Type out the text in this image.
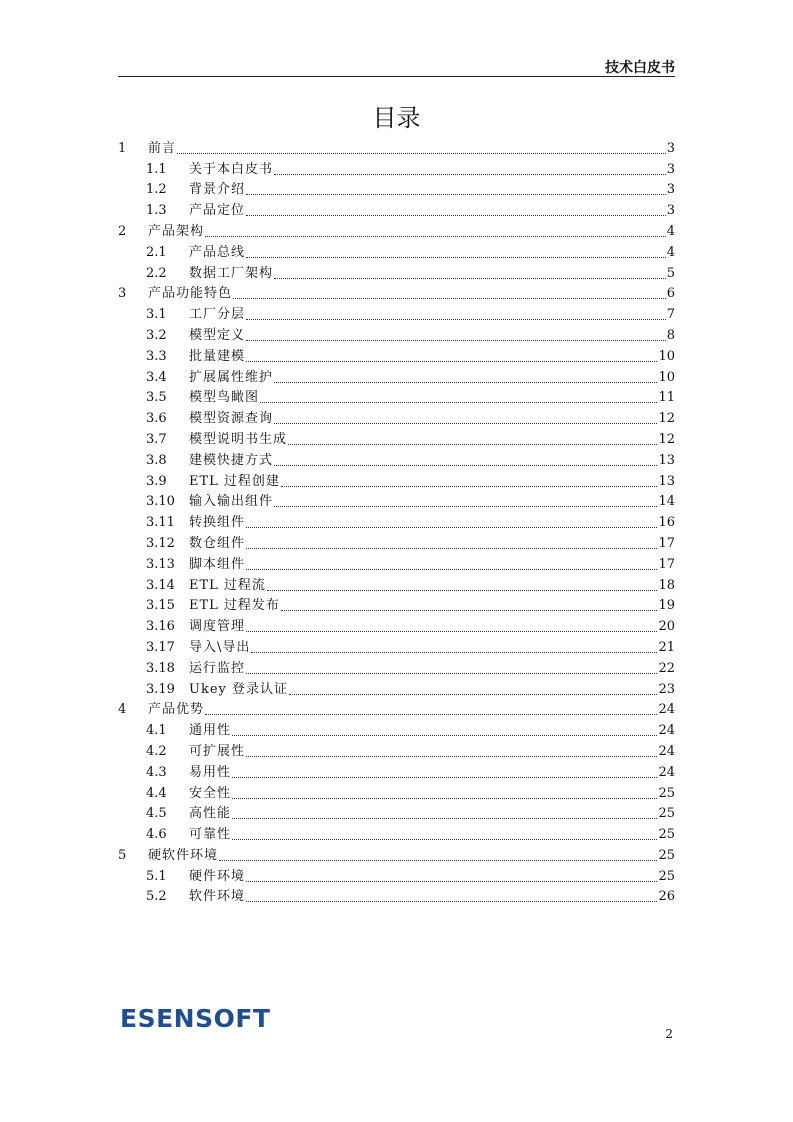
技术白皮书
目录
1 前言	3
1.1 关于本白皮书	3
1.2 背景介绍	3
1.3 产品定位	3
2 产品架构	4
2.1 产品总线	4
2.2 数据工厂架构	5
3 产品功能特色	6
3.1 工厂分层	7
3.2 模型定义	8
3.3 批量建模	10
3.4 扩展属性维护	10
3.5 模型鸟瞰图	11
3.6 模型资源查询	12
3.7 模型说明书生成	12
3.8 建模快捷方式	13
3.9 ETL 过程创建	13
3.10 输入输出组件	14
3.11 转换组件	16
3.12 数仓组件	17
3.13 脚本组件	17
3.14 ETL 过程流	18
3.15 ETL 过程发布	19
3.16 调度管理	20
3.17 导入\导出	21
3.18 运行监控	22
3.19 Ukey 登录认证	23
4 产品优势	24
4.1 通用性	24
4.2 可扩展性	24
4.3 易用性	24
4.4 安全性	25
4.5 高性能	25
4.6 可靠性	25
5 硬软件环境	25
5.1 硬件环境	25
5.2 软件环境	26
ESENSOFT
2
